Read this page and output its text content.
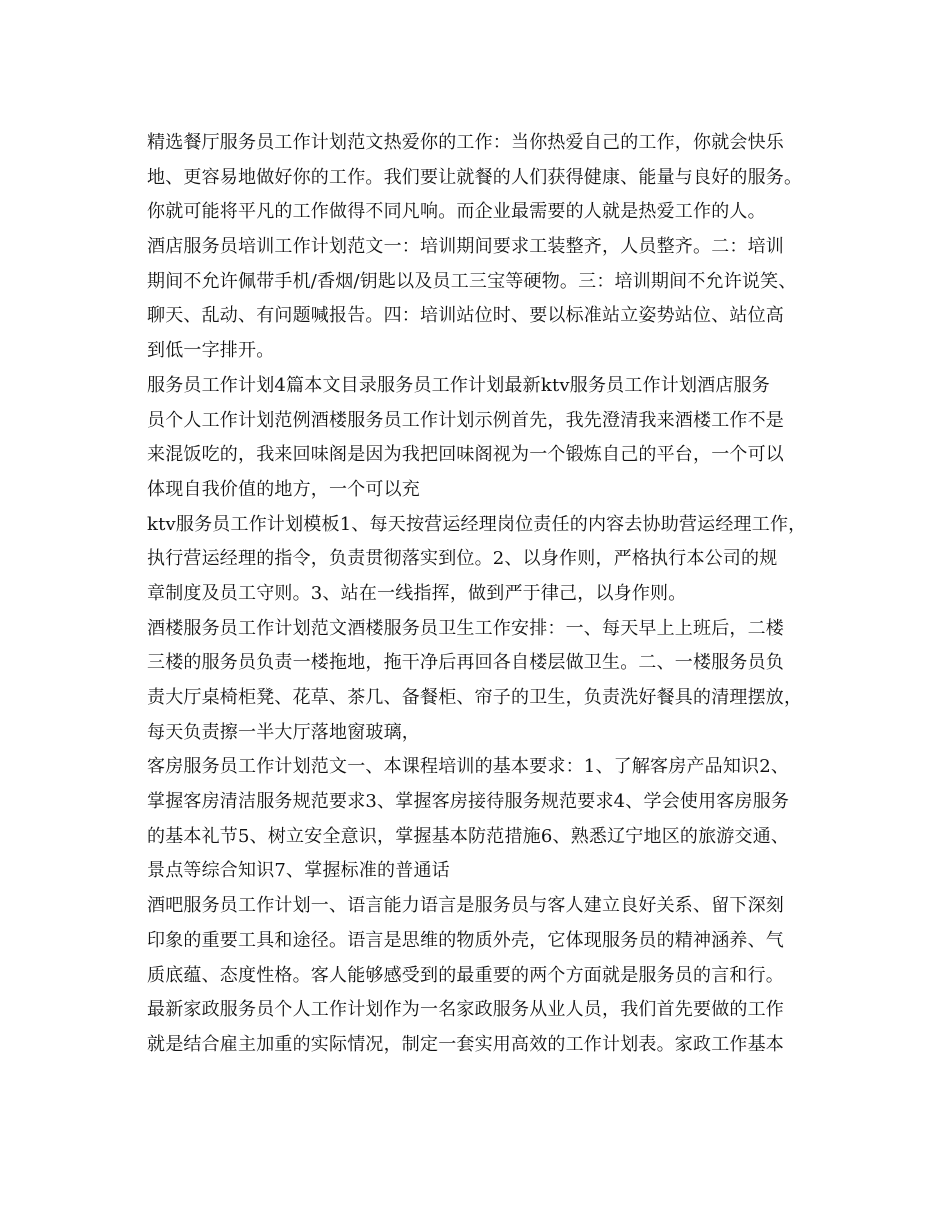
精选餐厅服务员工作计划范文热爱你的工作：当你热爱自己的工作，你就会快乐
地、更容易地做好你的工作。我们要让就餐的人们获得健康、能量与良好的服务。
你就可能将平凡的工作做得不同凡响。而企业最需要的人就是热爱工作的人。
酒店服务员培训工作计划范文一：培训期间要求工装整齐，人员整齐。二：培训
期间不允许佩带手机/香烟/钥匙以及员工三宝等硬物。三：培训期间不允许说笑、
聊天、乱动、有问题喊报告。四：培训站位时、要以标准站立姿势站位、站位高
到低一字排开。
服务员工作计划4篇本文目录服务员工作计划最新ktv服务员工作计划酒店服务
员个人工作计划范例酒楼服务员工作计划示例首先，我先澄清我来酒楼工作不是
来混饭吃的，我来回味阁是因为我把回味阁视为一个锻炼自己的平台，一个可以
体现自我价值的地方，一个可以充
ktv服务员工作计划模板1、每天按营运经理岗位责任的内容去协助营运经理工作，
执行营运经理的指令，负责贯彻落实到位。2、以身作则，严格执行本公司的规
章制度及员工守则。3、站在一线指挥，做到严于律己，以身作则。
酒楼服务员工作计划范文酒楼服务员卫生工作安排：一、每天早上上班后，二楼
三楼的服务员负责一楼拖地，拖干净后再回各自楼层做卫生。二、一楼服务员负
责大厅桌椅柜凳、花草、茶几、备餐柜、帘子的卫生，负责洗好餐具的清理摆放，
每天负责擦一半大厅落地窗玻璃，
客房服务员工作计划范文一、本课程培训的基本要求：1、了解客房产品知识2、
掌握客房清洁服务规范要求3、掌握客房接待服务规范要求4、学会使用客房服务
的基本礼节5、树立安全意识，掌握基本防范措施6、熟悉辽宁地区的旅游交通、
景点等综合知识7、掌握标准的普通话
酒吧服务员工作计划一、语言能力语言是服务员与客人建立良好关系、留下深刻
印象的重要工具和途径。语言是思维的物质外壳，它体现服务员的精神涵养、气
质底蕴、态度性格。客人能够感受到的最重要的两个方面就是服务员的言和行。
最新家政服务员个人工作计划作为一名家政服务从业人员，我们首先要做的工作
就是结合雇主加重的实际情况，制定一套实用高效的工作计划表。家政工作基本
